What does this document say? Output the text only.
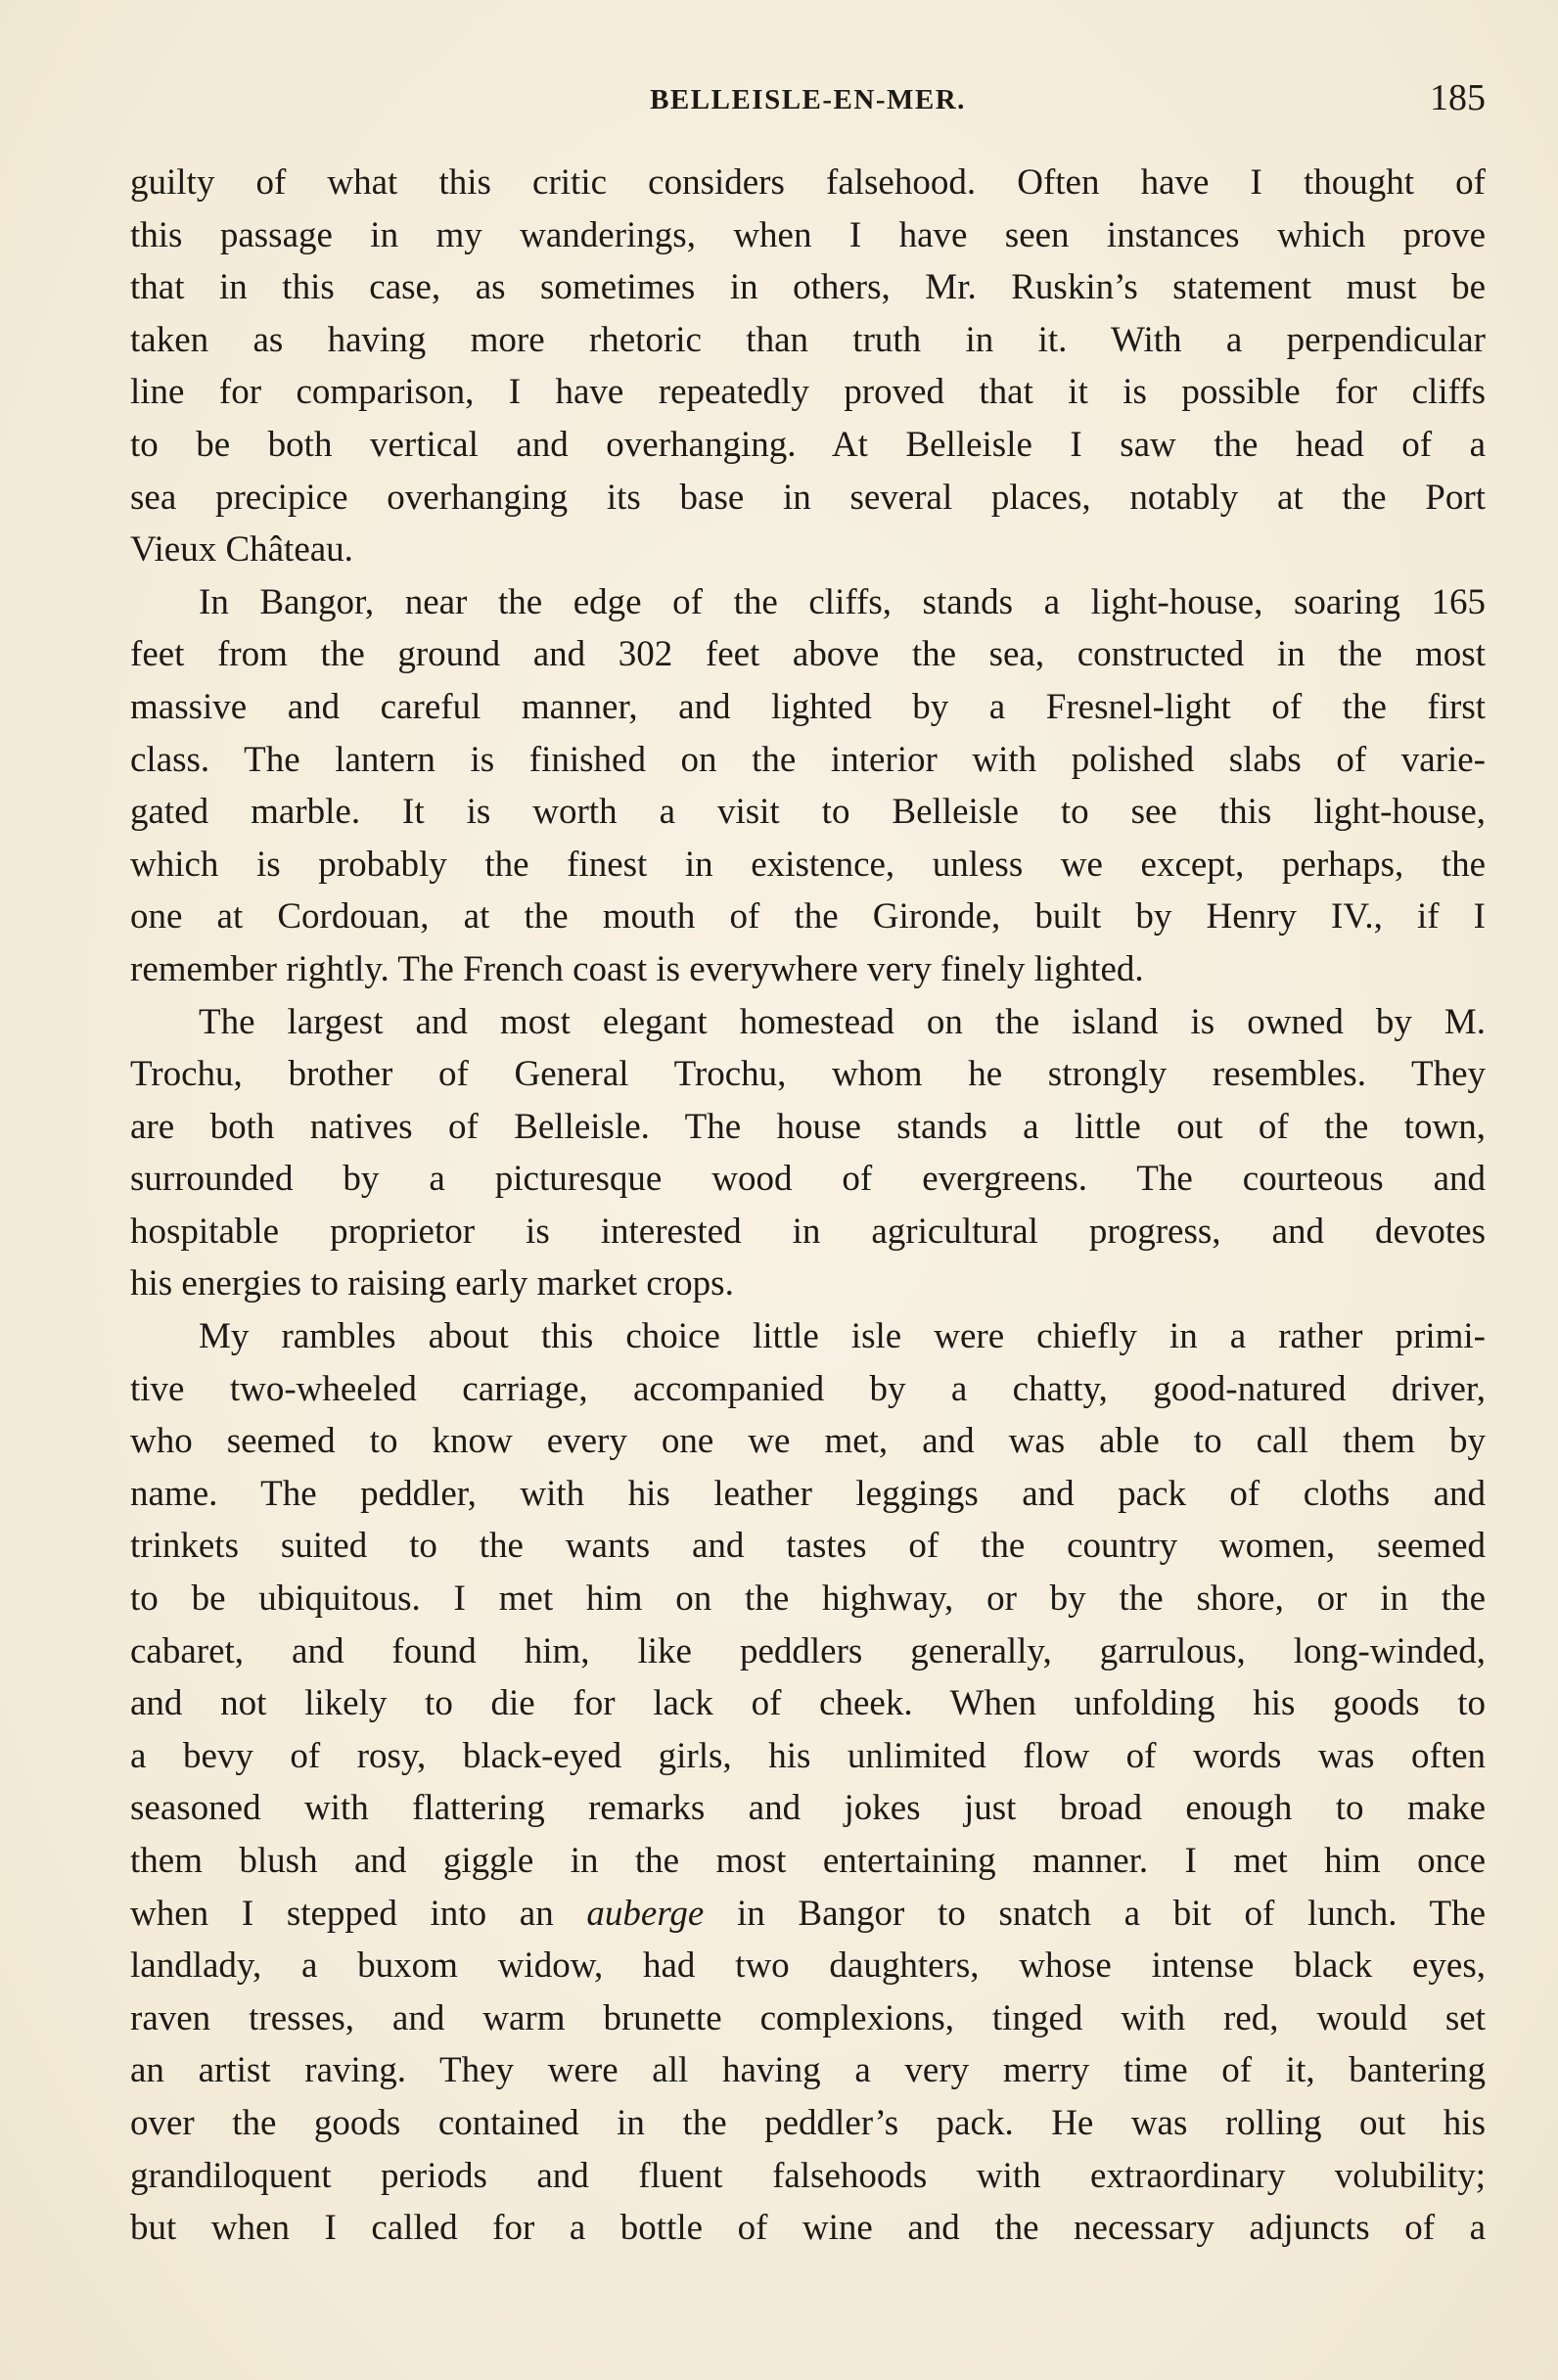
BELLEISLE-EN-MER.	185
guilty of what this critic considers falsehood. Often have I thought of
this passage in my wanderings, when I have seen instances which prove
that in this case, as sometimes in others, Mr. Ruskin’s statement must be
taken as having more rhetoric than truth in it. With a perpendicular
line for comparison, I have repeatedly proved that it is possible for cliffs
to be both vertical and overhanging. At Belleisle I saw the head of a
sea precipice overhanging its base in several places, notably at the Port
Vieux Château.
In Bangor, near the edge of the cliffs, stands a light-house, soaring 165
feet from the ground and 302 feet above the sea, constructed in the most
massive and careful manner, and lighted by a Fresnel-light of the first
class. The lantern is finished on the interior with polished slabs of varie-
gated marble. It is worth a visit to Belleisle to see this light-house,
which is probably the finest in existence, unless we except, perhaps, the
one at Cordouan, at the mouth of the Gironde, built by Henry IV., if I
remember rightly. The French coast is everywhere very finely lighted.
The largest and most elegant homestead on the island is owned by M.
Trochu, brother of General Trochu, whom he strongly resembles. They
are both natives of Belleisle. The house stands a little out of the town,
surrounded by a picturesque wood of evergreens. The courteous and
hospitable proprietor is interested in agricultural progress, and devotes
his energies to raising early market crops.
My rambles about this choice little isle were chiefly in a rather primi-
tive two-wheeled carriage, accompanied by a chatty, good-natured driver,
who seemed to know every one we met, and was able to call them by
name. The peddler, with his leather leggings and pack of cloths and
trinkets suited to the wants and tastes of the country women, seemed
to be ubiquitous. I met him on the highway, or by the shore, or in the
cabaret, and found him, like peddlers generally, garrulous, long-winded,
and not likely to die for lack of cheek. When unfolding his goods to
a bevy of rosy, black-eyed girls, his unlimited flow of words was often
seasoned with flattering remarks and jokes just broad enough to make
them blush and giggle in the most entertaining manner. I met him once
when I stepped into an auberge in Bangor to snatch a bit of lunch. The
landlady, a buxom widow, had two daughters, whose intense black eyes,
raven tresses, and warm brunette complexions, tinged with red, would set
an artist raving. They were all having a very merry time of it, bantering
over the goods contained in the peddler’s pack. He was rolling out his
grandiloquent periods and fluent falsehoods with extraordinary volubility;
but when I called for a bottle of wine and the necessary adjuncts of a
